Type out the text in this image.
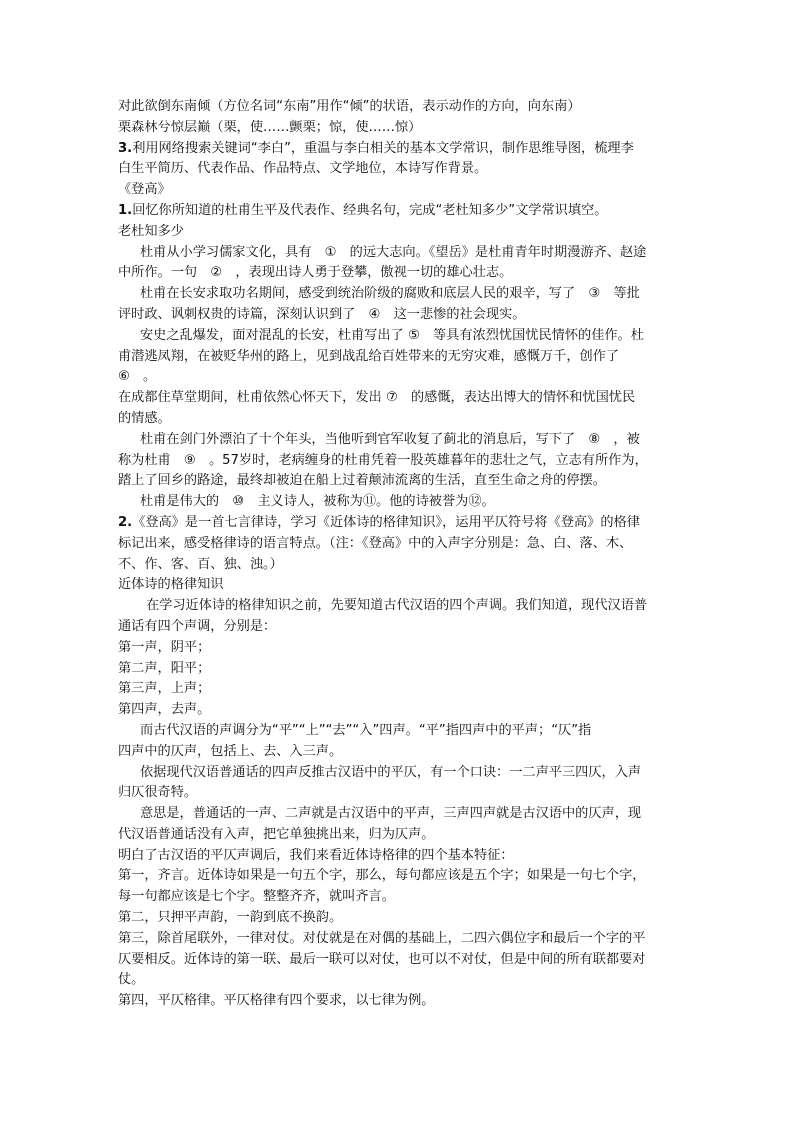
对此欲倒东南倾（方位名词“东南”用作“倾”的状语，表示动作的方向，向东南）

栗森林兮惊层巅（栗，使……颤栗；惊，使……惊）

3.利用网络搜索关键词“李白”，重温与李白相关的基本文学常识，制作思维导图，梳理李

白生平简历、代表作品、作品特点、文学地位，本诗写作背景。

《登高》

1.回忆你所知道的杜甫生平及代表作、经典名句，完成“老杜知多少”文学常识填空。

老杜知多少

杜甫从小学习儒家文化，具有　①　的远大志向。《望岳》是杜甫青年时期漫游齐、赵途

中所作。一句　②　，表现出诗人勇于登攀，傲视一切的雄心壮志。

杜甫在长安求取功名期间，感受到统治阶级的腐败和底层人民的艰辛，写了　③　等批

评时政、讽刺权贵的诗篇，深刻认识到了　④　这一悲惨的社会现实。

安史之乱爆发，面对混乱的长安，杜甫写出了 ⑤　等具有浓烈忧国忧民情怀的佳作。杜

甫潜逃凤翔，在被贬华州的路上，见到战乱给百姓带来的无穷灾难，感慨万千，创作了

⑥　。

在成都住草堂期间，杜甫依然心怀天下，发出 ⑦　的感慨，表达出博大的情怀和忧国忧民

的情感。

杜甫在剑门外漂泊了十个年头，当他听到官军收复了蓟北的消息后，写下了　⑧　，被

称为杜甫　⑨　。57岁时，老病缠身的杜甫凭着一股英雄暮年的悲壮之气，立志有所作为，

踏上了回乡的路途，最终却被迫在船上过着颠沛流离的生活，直至生命之舟的停摆。

杜甫是伟大的　⑩　主义诗人，被称为⑪。他的诗被誉为⑫。

2.《登高》是一首七言律诗，学习《近体诗的格律知识》，运用平仄符号将《登高》的格律

标记出来，感受格律诗的语言特点。（注：《登高》中的入声字分别是：急、白、落、木、

不、作、客、百、独、浊。）

近体诗的格律知识

在学习近体诗的格律知识之前，先要知道古代汉语的四个声调。我们知道，现代汉语普

通话有四个声调，分别是：

第一声，阴平；

第二声，阳平；

第三声，上声；

第四声，去声。

而古代汉语的声调分为“平”“上”“去”“入”四声。“平”指四声中的平声；“仄”指

四声中的仄声，包括上、去、入三声。

依据现代汉语普通话的四声反推古汉语中的平仄，有一个口诀：一二声平三四仄，入声

归仄很奇特。

意思是，普通话的一声、二声就是古汉语中的平声，三声四声就是古汉语中的仄声，现

代汉语普通话没有入声，把它单独挑出来，归为仄声。

明白了古汉语的平仄声调后，我们来看近体诗格律的四个基本特征：

第一，齐言。近体诗如果是一句五个字，那么，每句都应该是五个字；如果是一句七个字，

每一句都应该是七个字。整整齐齐，就叫齐言。

第二，只押平声韵，一韵到底不换韵。

第三，除首尾联外，一律对仗。对仗就是在对偶的基础上，二四六偶位字和最后一个字的平

仄要相反。近体诗的第一联、最后一联可以对仗，也可以不对仗，但是中间的所有联都要对

仗。

第四，平仄格律。平仄格律有四个要求，以七律为例。
